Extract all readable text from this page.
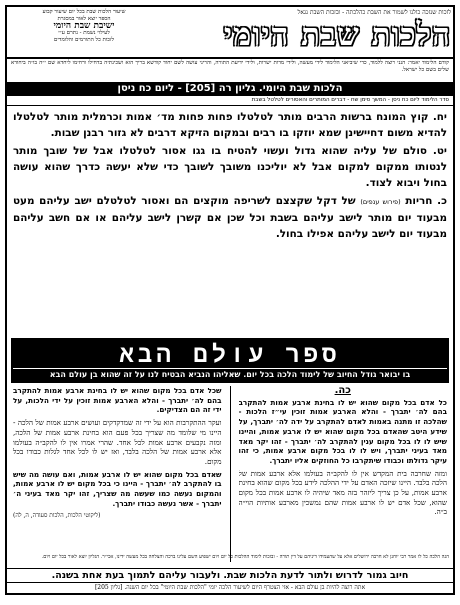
שיעור הלכות שבת בכל יום שיעור קבוע
הספר יוצא לאור במסגרת
ישיבת שבת היומי
לעילוי נשמת - נתרם ע״י
לזכות כל התורמים והלומדים
לזכות שנזכה כולנו לשמור את השבת כהלכתה - ובזכות השבת נגאל
הלכות שבת היומי
קודם הלימוד יאמר: הנני רוצה ללמוד, כדי שיביאני הלימוד לידי מעשה, ולידי מדות ישרות, ולידי ידיעת התורה, והריני עושה לשם יחוד קודשא בריך הוא ושכינתיה בדחילו ורחימו ליחדא שם י״ה בו״ה ביחודא שלים בשם כל ישראל.
הלכות שבת היומי. גליון רה [205] - ליום כח ניסן
סדר הלימוד ליום כח ניסן - המשך סימן שח - דברים המותרים והאסורים לטלטל בשבת

יח. קוץ המונח ברשות הרבים מותר לטלטלו פחות פחות מד׳ אמות וכרמלית מותר לטלטלו להדיא משום דחיישינן שמא יוזקו בו רבים ובמקום הזיקא דרבים לא גזור רבנן שבות.

יט. סולם של עליה שהוא גדול ועשוי להטיח בו גגו אסור לטלטלו אבל של שובך מותר לנטותו ממקום למקום אבל לא יוליכנו משובך לשובך כדי שלא יעשה כדרך שהוא עושה בחול ויבוא לצוד.

כ. חריות (פירוש ענפים) של דקל שקצצם לשריפה מוקצים הם ואסור לטלטלם ישב עליהם מעט מבעוד יום מותר לישב עליהם בשבת וכל שכן אם קשרן לישב עליהם או אם חשב עליהם מבעוד יום לישב עליהם אפילו בחול.

ספר עולם הבא
בו יבואר גודל החיוב של לימוד הלכה בכל יום. שאליהו הנביא הבטיח לנו על זה שהוא בן עולם הבא
כה.

כל אדם בכל מקום שהוא יש לו בחינת ארבע אמות להתקרב בהם לה׳ יתברך - והלא הארבע אמות זוכין עי״ז הלכות - שהלכה זו מתנה באמות לאדם להתקרב על ידה לה׳ יתברך, על שידע היטב שהאדם בכל מקום שהוא יש לו ארבע אמות, והיינו שיש לו לו בכל מקום ענין להתקרב לה׳ יתברך - זהו יקר מאד מאד בעיני יתברך, ויש לו לו בכל מקום ארבע אמות, כי זהו עיקר גדולתו וכבודו שיתקרבו כל החוזקים אליו יתברך.

ומזה שחרבה בית המקדש אין לו להקב״ה בעולמו אלא ארבע אמות של הלכה בלבד. היינו שיזכה האדם על ידי ההלכה לידע בכל מקום שהוא בחינת ארבע אמות, על כן צריך ליזהר בזה מאד שיהיה לו ארבע אמות בכל מקום שהוא, שכל אדם יש לו ארבע אמות שהם נמשכין מארבע אותיות הוי״ה ב״ה.

שכל אדם בכל מקום שהוא יש לו בחינת ארבע אמות להתקרב בהם לה׳ יתברך - והלא הארבע אמות זוכין על ידי הלכות, על ידי זה הם הצדיקים.

ועקר ההתקרבות הוא על ידי זה שמדקדקים ועושים ארבע אמות של הלכה - היינו מי שלומד מה שצריך בכל פעם הוא בחינת ארבע אמות של הלכה, ומזה נקבעים ארבע אמות לכל אחד. שהרי אמרו אין לו להקב״ה בעולמו אלא ארבע אמות של הלכה בלבד, ואז יש לו לכל אחד לגלות כבודו בכל מקום.

שאדם בכל מקום שהוא יש לו ארבע אמות, ואם עושה מה שיש בו להתקרב לה׳ יתברך - היינו כי בכל מקום יש לו ארבע אמות, והמקום נעשה כמו שעשה מה שצריך, זהו יקר מאד בעיני ה׳ יתברך - אשר נעשה כבודו יתברך.

(ליקוטי הלכות, הלכות סעודה, ה, לה)
הגה הלכה כל לו אמר רבי יוחנן לא חרבה ירושלים אלא על שהעמידו דיניהם על דין תורה - ובזכות לימוד ההלכות כל יום ויום ישפיע השם עלינו ברכה והצלחה בכל מעשה ידינו, אכי״ר. הגליון יוצא לאור בכל יום ויום.
חיוב גמור לדרוש ולתור לדעת הלכות שבת. ולעבור עליהם לתמוך בעת אחת בשנה.
אתה רוצה להיות בן עולם הבא - אזי הצטרף היום לשיעור הלכה יומי "הלכות שבת היומי" בכל יום השנה. [גליון 205]
